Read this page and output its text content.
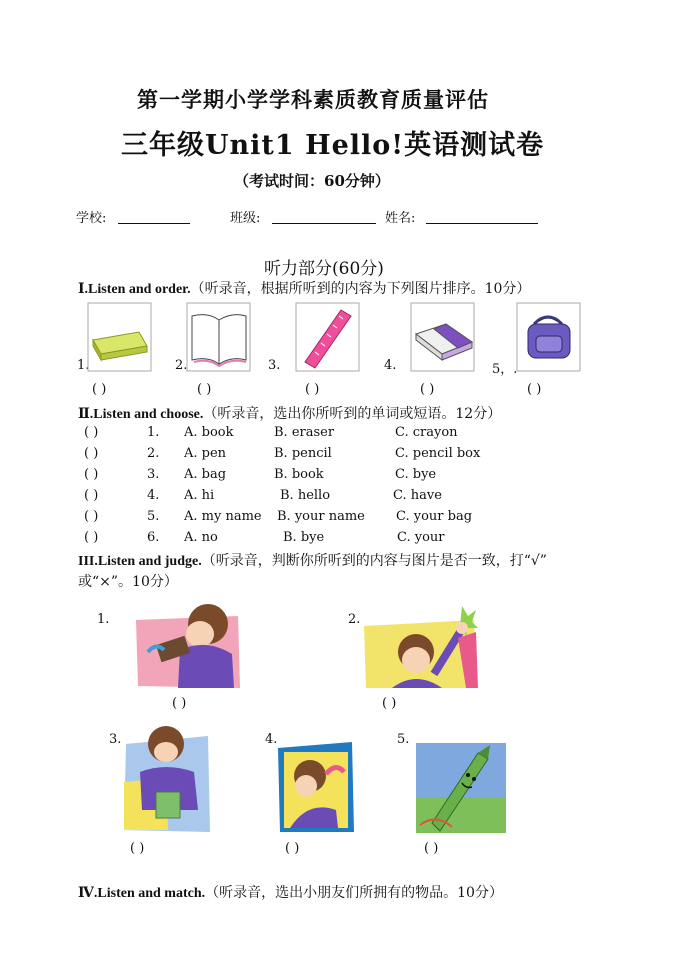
第一学期小学学科素质教育质量评估
三年级Unit1 Hello!英语测试卷
（考试时间：60分钟）
学校:	班级:	姓名:
听力部分(60分)
Ⅰ.Listen and order.（听录音，根据所听到的内容为下列图片排序。10分）
1.	2.	3.	4.	5，.
( )	( )	( )	( )	( )
Ⅱ.Listen and choose.（听录音，选出你所听到的单词或短语。12分）
( )	1. A. book	B. eraser	C. crayon
( )	2. A. pen	B. pencil	C. pencil box
( )	3. A. bag	B. book	C. bye
( )	4. A. hi	B. hello	C. have
( )	5. A. my name B. your name C. your bag
( )	6. A. no	B. bye	C. your
III.Listen and judge.（听录音，判断你所听到的内容与图片是否一致，打“√”
或“×”。10分）
1.
( )
2.
( )
3.
( )
4.
( )
5.
( )
Ⅳ.Listen and match.（听录音，选出小朋友们所拥有的物品。10分）
